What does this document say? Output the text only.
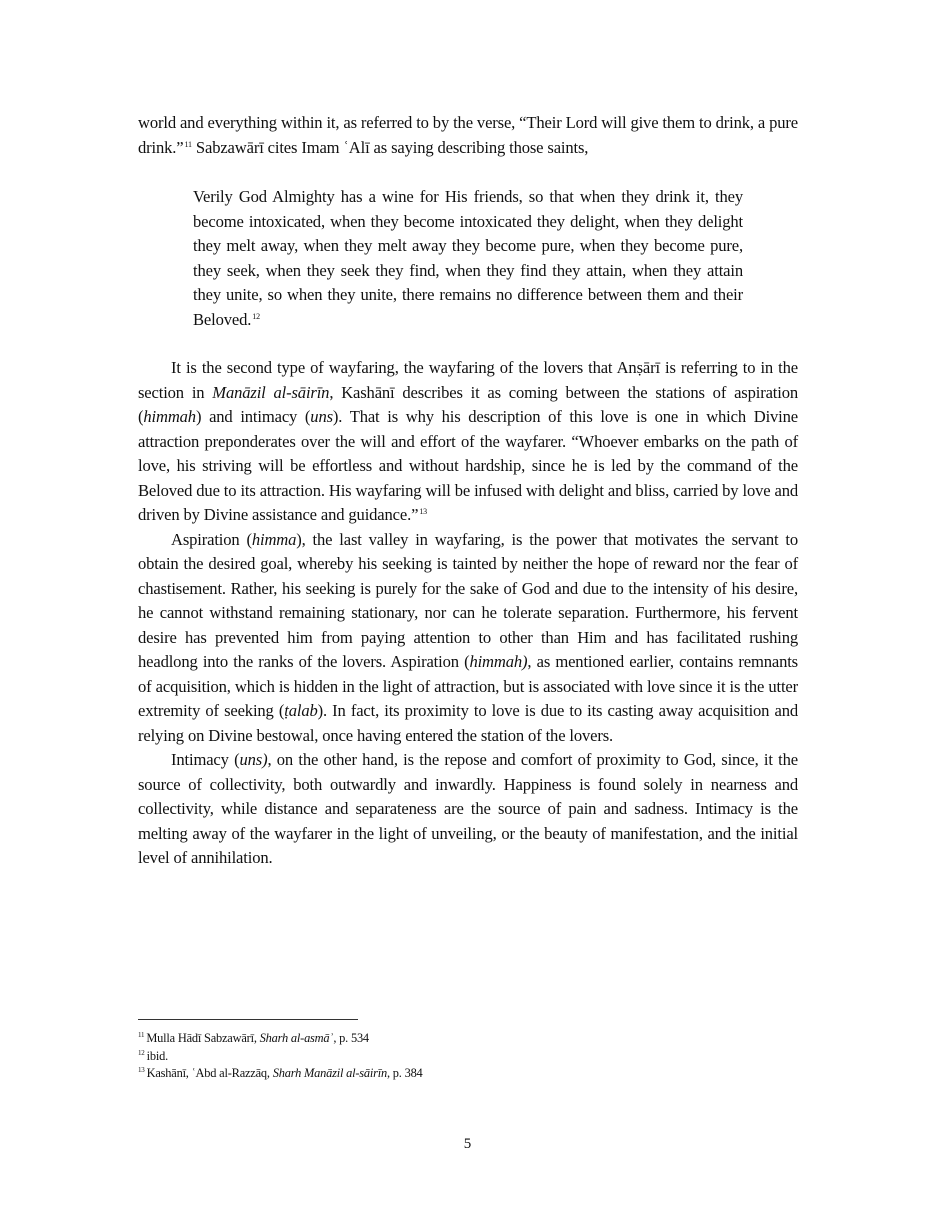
world and everything within it, as referred to by the verse, “Their Lord will give them to drink, a pure drink.”$^{11}$ Sabzawārī cites Imam ʿAlī as saying describing those saints,

Verily God Almighty has a wine for His friends, so that when they drink it, they become intoxicated, when they become intoxicated they delight, when they delight they melt away, when they melt away they become pure, when they become pure, they seek, when they seek they find, when they find they attain, when they attain they unite, so when they unite, there remains no difference between them and their Beloved.$^{12}$

It is the second type of wayfaring, the wayfaring of the lovers that Anṣārī is referring to in the section in Manāzil al-sāirīn, Kashānī describes it as coming between the stations of aspiration (himmah) and intimacy (uns). That is why his description of this love is one in which Divine attraction preponderates over the will and effort of the wayfarer. “Whoever embarks on the path of love, his striving will be effortless and without hardship, since he is led by the command of the Beloved due to its attraction. His wayfaring will be infused with delight and bliss, carried by love and driven by Divine assistance and guidance.”$^{13}$

Aspiration (himma), the last valley in wayfaring, is the power that motivates the servant to obtain the desired goal, whereby his seeking is tainted by neither the hope of reward nor the fear of chastisement. Rather, his seeking is purely for the sake of God and due to the intensity of his desire, he cannot withstand remaining stationary, nor can he tolerate separation. Furthermore, his fervent desire has prevented him from paying attention to other than Him and has facilitated rushing headlong into the ranks of the lovers. Aspiration (himmah), as mentioned earlier, contains remnants of acquisition, which is hidden in the light of attraction, but is associated with love since it is the utter extremity of seeking (ṭalab). In fact, its proximity to love is due to its casting away acquisition and relying on Divine bestowal, once having entered the station of the lovers.

Intimacy (uns), on the other hand, is the repose and comfort of proximity to God, since, it the source of collectivity, both outwardly and inwardly. Happiness is found solely in nearness and collectivity, while distance and separateness are the source of pain and sadness. Intimacy is the melting away of the wayfarer in the light of unveiling, or the beauty of manifestation, and the initial level of annihilation.

$^{11}$ Mulla Hādī Sabzawārī, Sharh al-asmāʾ, p. 534

$^{12}$ ibid.

$^{13}$ Kashānī, ʿAbd al-Razzāq, Sharh Manāzil al-sāirīn, p. 384

5
